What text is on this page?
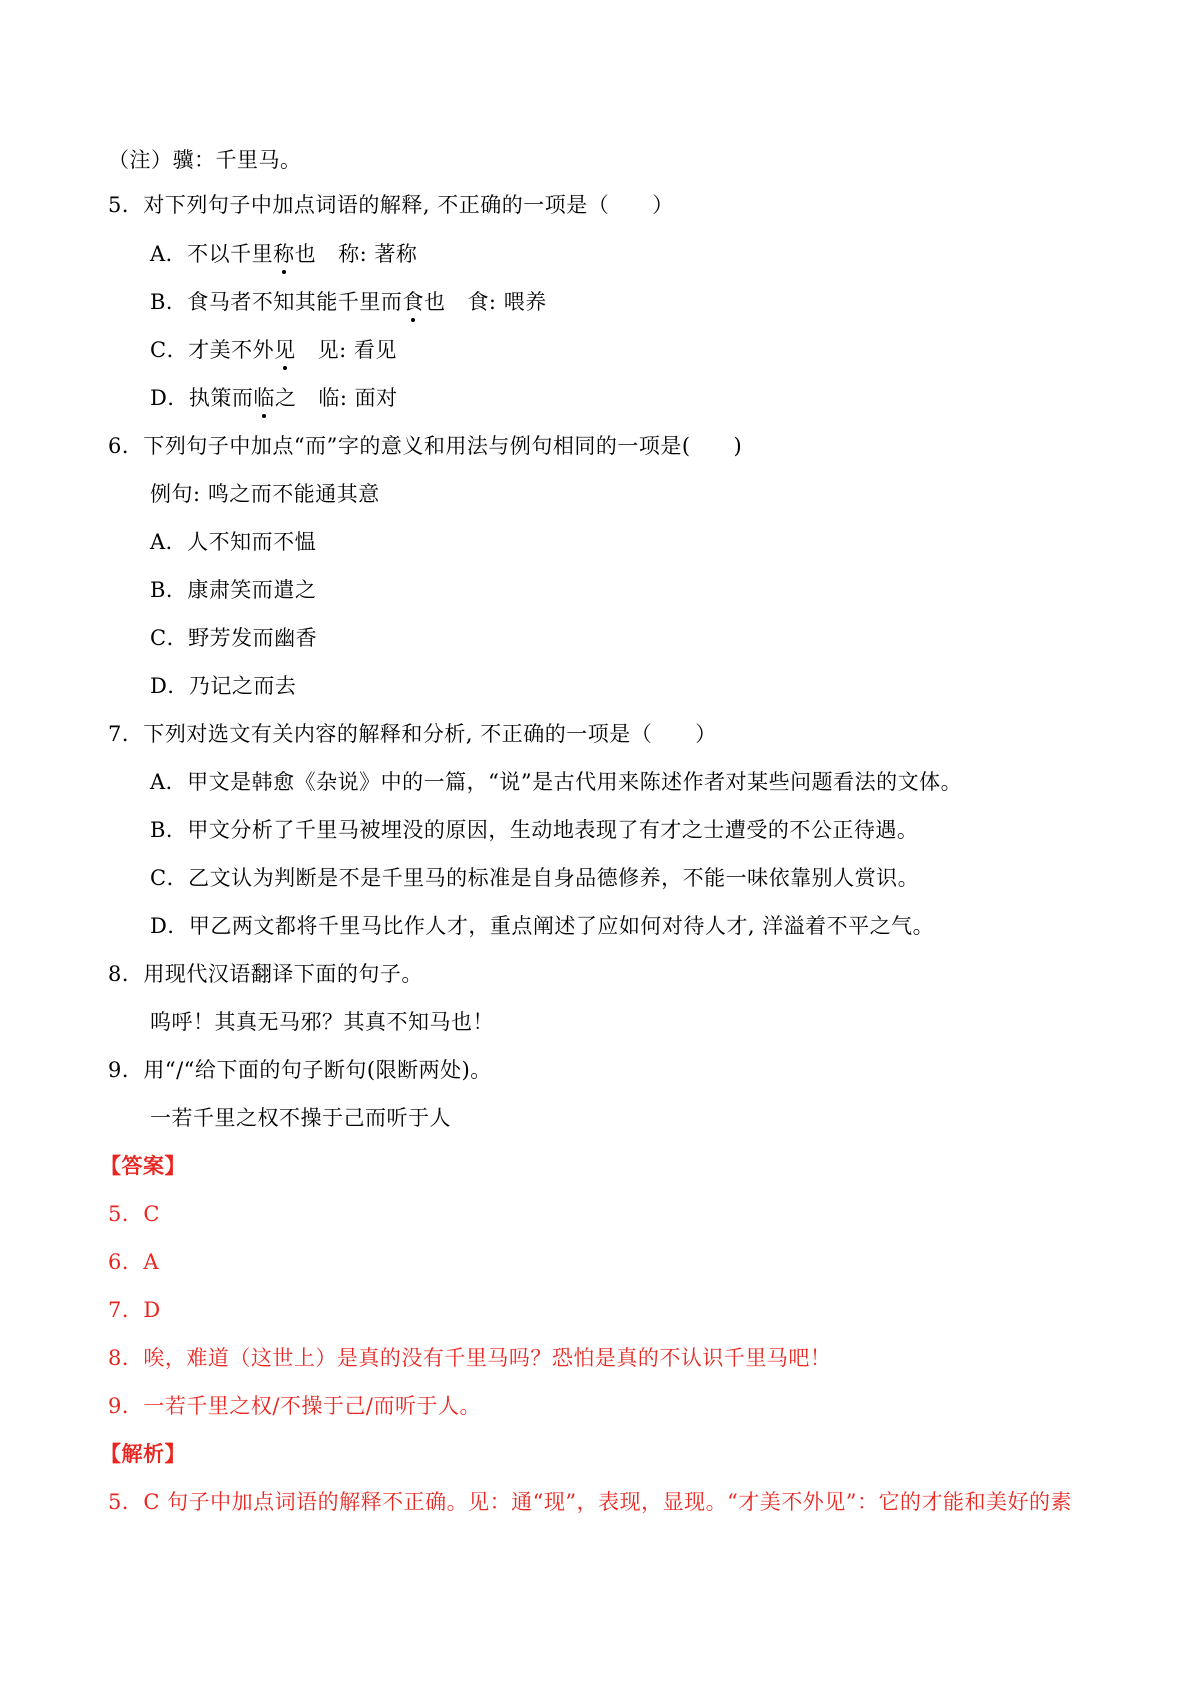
（注）骥：千里马。
5．对下列句子中加点词语的解释, 不正确的一项是（　　）
A．不以千里称也 称: 著称
B．食马者不知其能千里而食也 食: 喂养
C．才美不外见 见: 看见
D．执策而临之 临: 面对
6．下列句子中加点“而”字的意义和用法与例句相同的一项是(　　)
例句: 鸣之而不能通其意
A．人不知而不愠
B．康肃笑而遣之
C．野芳发而幽香
D．乃记之而去
7．下列对选文有关内容的解释和分析, 不正确的一项是（　　）
A．甲文是韩愈《杂说》中的一篇，“说”是古代用来陈述作者对某些问题看法的文体。
B．甲文分析了千里马被埋没的原因，生动地表现了有才之士遭受的不公正待遇。
C．乙文认为判断是不是千里马的标准是自身品德修养，不能一味依靠别人赏识。
D．甲乙两文都将千里马比作人才，重点阐述了应如何对待人才, 洋溢着不平之气。
8．用现代汉语翻译下面的句子。
呜呼！其真无马邪？其真不知马也！
9．用“/“给下面的句子断句(限断两处)。
一若千里之权不操于己而听于人
【答案】
5．C
6．A
7．D
8．唉，难道（这世上）是真的没有千里马吗？恐怕是真的不认识千里马吧！
9．一若千里之权/不操于己/而听于人。
【解析】
5．C 句子中加点词语的解释不正确。见：通“现”，表现，显现。“才美不外见”：它的才能和美好的素
